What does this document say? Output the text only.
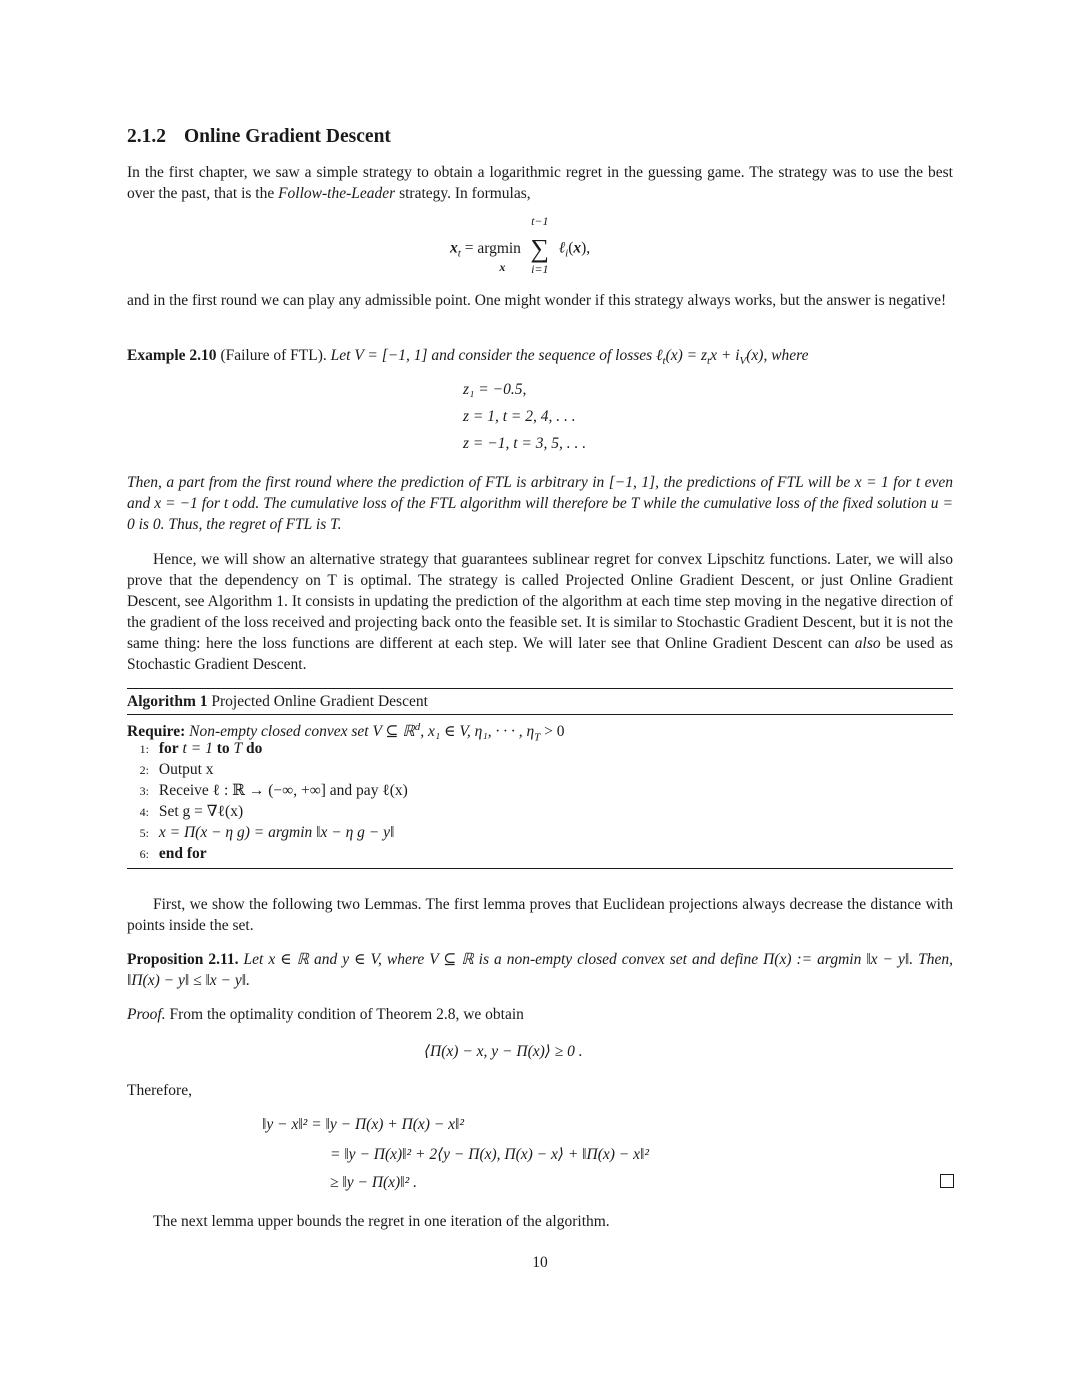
2.1.2 Online Gradient Descent

In the first chapter, we saw a simple strategy to obtain a logarithmic regret in the guessing game. The strategy was to use the best over the past, that is the Follow-the-Leader strategy. In formulas,

$x_t = argmin$
x

t−1
∑
i=1
ℓ$_i$(x),

and in the first round we can play any admissible point. One might wonder if this strategy always works, but the answer is negative!

Example 2.10 (Failure of FTL). Let V = [−1, 1] and consider the sequence of losses ℓ$_t$(x) = $z_tx + i_V(x)$, where

z₁ = −0.5,
z = 1, t = 2, 4, . . .
z = −1, t = 3, 5, . . .

Then, a part from the first round where the prediction of FTL is arbitrary in [−1, 1], the predictions of FTL will be x = 1 for t even and x = −1 for t odd. The cumulative loss of the FTL algorithm will therefore be T while the cumulative loss of the fixed solution u = 0 is 0. Thus, the regret of FTL is T.

Hence, we will show an alternative strategy that guarantees sublinear regret for convex Lipschitz functions. Later, we will also prove that the dependency on T is optimal. The strategy is called Projected Online Gradient Descent, or just Online Gradient Descent, see Algorithm 1. It consists in updating the prediction of the algorithm at each time step moving in the negative direction of the gradient of the loss received and projecting back onto the feasible set. It is similar to Stochastic Gradient Descent, but it is not the same thing: here the loss functions are different at each step. We will later see that Online Gradient Descent can also be used as Stochastic Gradient Descent.

Algorithm 1 Projected Online Gradient Descent
Require: Non-empty closed convex set V ⊆ ℝ$^d$, x₁ ∈ V, η₁, · · · , $\eta_T > 0$
1: for t = 1 to T do
2: Output x
3: Receive ℓ : ℝ → (−∞, +∞] and pay ℓ(x)
4: Set g = ∇ℓ(x)
5: x = Π(x − η g) = argmin ‖x − η g − y‖
6: end for

First, we show the following two Lemmas. The first lemma proves that Euclidean projections always decrease the distance with points inside the set.

Proposition 2.11. Let x ∈ ℝ and y ∈ V, where V ⊆ ℝ is a non-empty closed convex set and define Π(x) := argmin ‖x − y‖. Then, ‖Π(x) − y‖ ≤ ‖x − y‖.

Proof. From the optimality condition of Theorem 2.8, we obtain

⟨Π(x) − x, y − Π(x)⟩ ≥ 0 .

Therefore,

‖y − x‖² = ‖y − Π(x) + Π(x) − x‖²
= ‖y − Π(x)‖² + 2⟨y − Π(x), Π(x) − x⟩ + ‖Π(x) − x‖²
≥ ‖y − Π(x)‖² .

The next lemma upper bounds the regret in one iteration of the algorithm.

10
